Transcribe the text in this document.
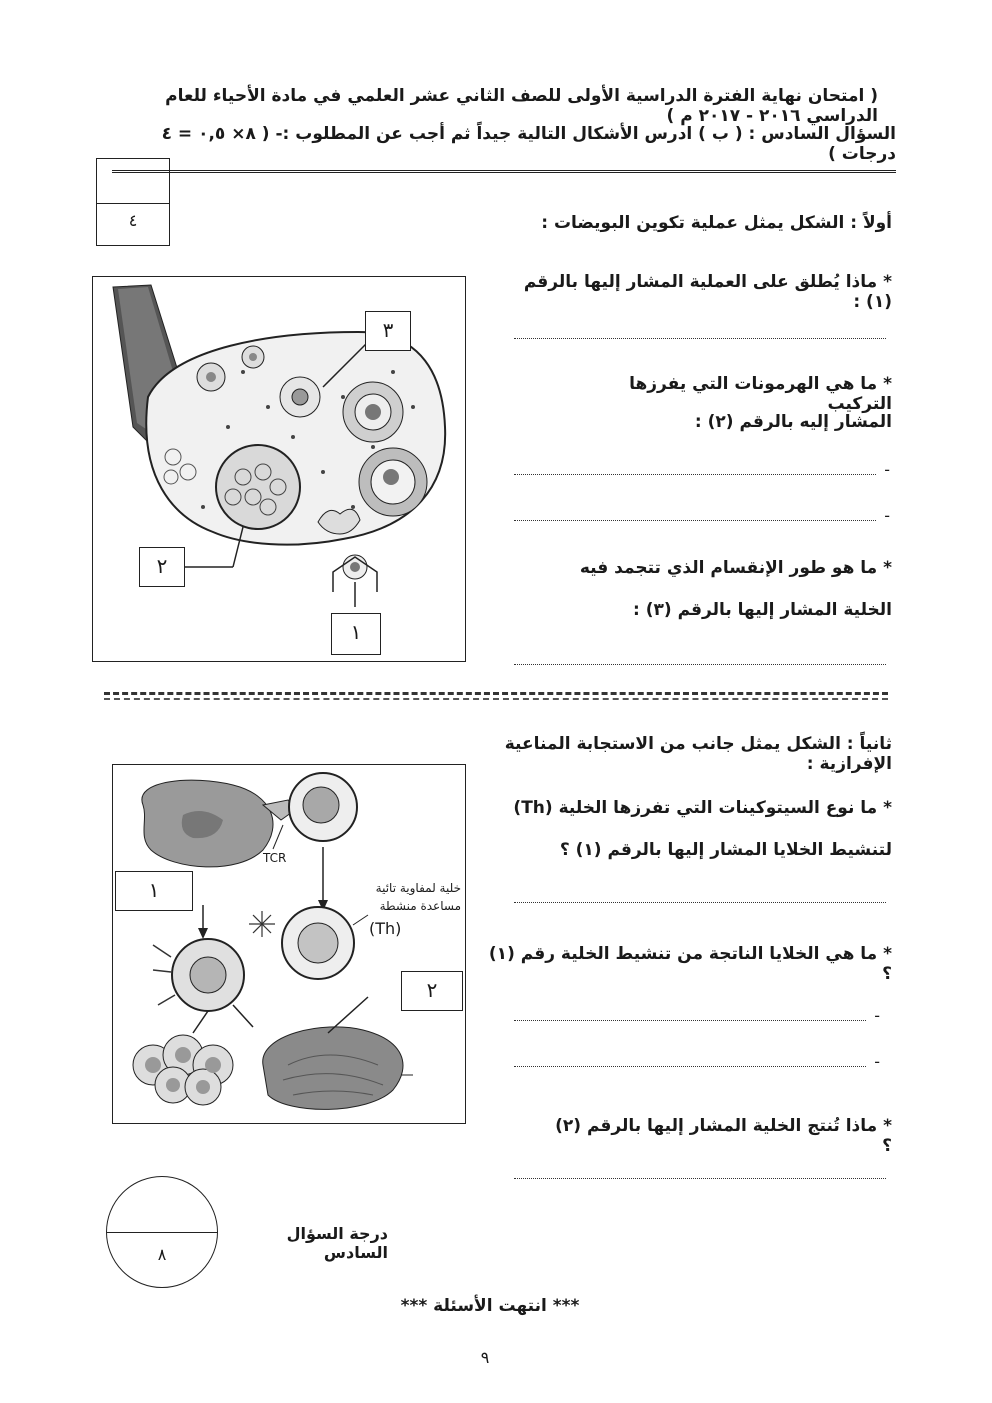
( امتحان نهاية الفترة الدراسية الأولى للصف الثاني عشر العلمي في مادة الأحياء للعام الدراسي ٢٠١٦ - ٢٠١٧ م )
السؤال السادس : ( ب ) ادرس الأشكال التالية جيداً ثم أجب عن المطلوب :- ( ٨× ٠,٥ = ٤ درجات )
٤	أولاً : الشكل يمثل عملية تكوين البويضات :
٣
٢
١
* ماذا يُطلق على العملية المشار إليها بالرقم (١) :
* ما هي الهرمونات التي يفرزها التركيب
المشار إليه بالرقم (٢) :
-
-
* ما هو طور الإنقسام الذي تتجمد فيه
الخلية المشار إليها بالرقم (٣) :
ثانياً : الشكل يمثل جانب من الاستجابة المناعية الإفرازية :
TCR
خلية لمفاوية تائية
مساعدة منشطة
(Th)
١
٢
* ما نوع السيتوكينات التي تفرزها الخلية (Th)
لتنشيط الخلايا المشار إليها بالرقم (١) ؟
* ما هي الخلايا الناتجة من تنشيط الخلية رقم (١) ؟
-
-
* ماذا تُنتج الخلية المشار إليها بالرقم (٢) ؟
٨
درجة السؤال السادس
*** انتهت الأسئلة ***
٩
